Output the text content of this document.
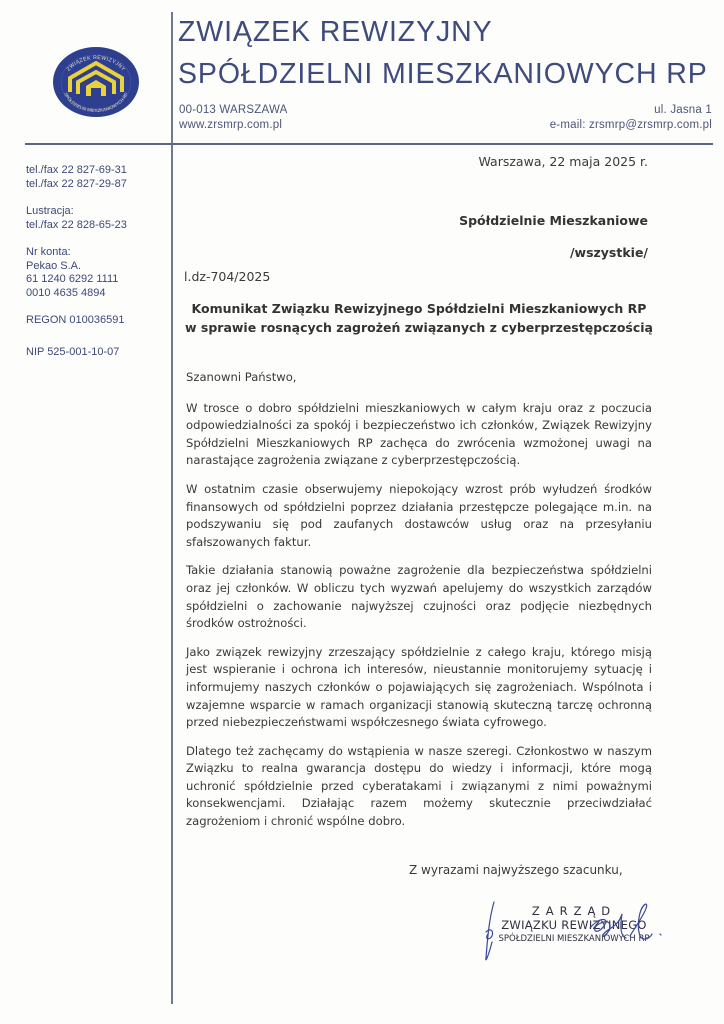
ZWIĄZEK REWIZYJNY
SPÓŁDZIELNI MIESZKANIOWYCH RP
ZWIĄZEK REWIZYJNY
SPÓŁDZIELNI MIESZKANIOWYCH RP
00-013 WARSZAWA
www.zrsmrp.com.pl
ul. Jasna 1
e-mail: zrsmrp@zrsmrp.com.pl
tel./fax 22 827-69-31
tel./fax 22 827-29-87
Lustracja:
tel./fax 22 828-65-23
Nr konta:
Pekao S.A.
61 1240 6292 1111
0010 4635 4894
REGON 010036591
NIP 525-001-10-07
Warszawa, 22 maja 2025 r.
Spółdzielnie Mieszkaniowe
/wszystkie/
l.dz-704/2025
Komunikat Związku Rewizyjnego Spółdzielni Mieszkaniowych RP
w sprawie rosnących zagrożeń związanych z cyberprzestępczością

Szanowni Państwo,

W trosce o dobro spółdzielni mieszkaniowych w całym kraju oraz z poczucia odpowiedzialności za spokój i bezpieczeństwo ich członków, Związek Rewizyjny Spółdzielni Mieszkaniowych RP zachęca do zwrócenia wzmożonej uwagi na narastające zagrożenia związane z cyberprzestępczością.

W ostatnim czasie obserwujemy niepokojący wzrost prób wyłudzeń środków finansowych od spółdzielni poprzez działania przestępcze polegające m.in. na podszywaniu się pod zaufanych dostawców usług oraz na przesyłaniu sfałszowanych faktur.

Takie działania stanowią poważne zagrożenie dla bezpieczeństwa spółdzielni oraz jej członków. W obliczu tych wyzwań apelujemy do wszystkich zarządów spółdzielni o zachowanie najwyższej czujności oraz podjęcie niezbędnych środków ostrożności.

Jako związek rewizyjny zrzeszający spółdzielnie z całego kraju, którego misją jest wspieranie i ochrona ich interesów, nieustannie monitorujemy sytuację i informujemy naszych członków o pojawiających się zagrożeniach. Wspólnota i wzajemne wsparcie w ramach organizacji stanowią skuteczną tarczę ochronną przed niebezpieczeństwami współczesnego świata cyfrowego.

Dlatego też zachęcamy do wstąpienia w nasze szeregi. Członkostwo w naszym Związku to realna gwarancja dostępu do wiedzy i informacji, które mogą uchronić spółdzielnie przed cyberatakami i związanymi z nimi poważnymi konsekwencjami. Działając razem możemy skutecznie przeciwdziałać zagrożeniom i chronić wspólne dobro.

Z wyrazami najwyższego szacunku,
ZARZĄD
ZWIĄZKU REWIZYJNEGO
SPÓŁDZIELNI MIESZKANIOWYCH RP
